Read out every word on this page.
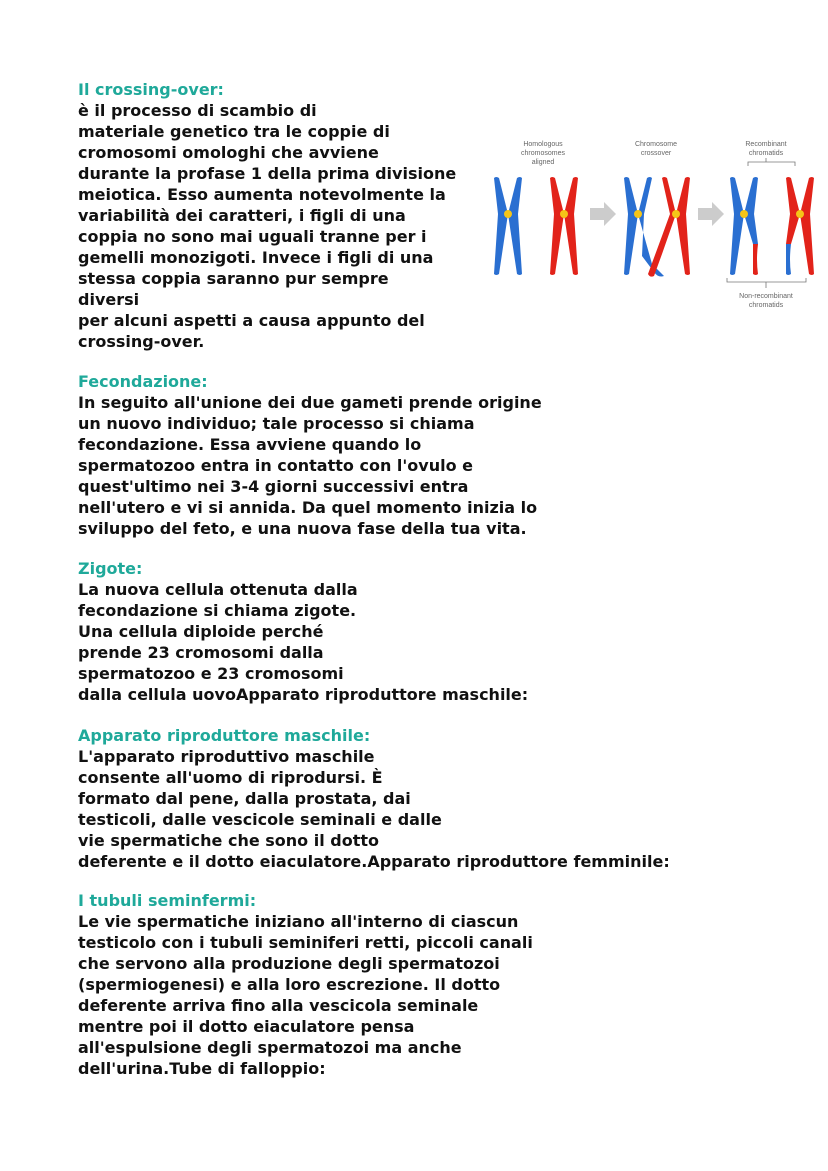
Il crossing-over:

è il processo di scambio di

materiale genetico tra le coppie di

cromosomi omologhi che avviene

durante la profase 1 della prima divisione

meiotica. Esso aumenta notevolmente la

variabilità dei caratteri, i figli di una

coppia no sono mai uguali tranne per i

gemelli monozigoti. Invece i figli di una

stessa coppia saranno pur sempre

diversi

per alcuni aspetti a causa appunto del

crossing-over.

Homologous
chromosomes
aligned
Chromosome
crossover
Recombinant
chromatids
Non-recombinant
chromatids

Fecondazione:

In seguito all'unione dei due gameti prende origine

un nuovo individuo; tale processo si chiama

fecondazione. Essa avviene quando lo

spermatozoo entra in contatto con l'ovulo e

quest'ultimo nei 3-4 giorni successivi entra

nell'utero e vi si annida. Da quel momento inizia lo

sviluppo del feto, e una nuova fase della tua vita.

Zigote:

La nuova cellula ottenuta dalla

fecondazione si chiama zigote.

Una cellula diploide perché

prende 23 cromosomi dalla

spermatozoo e 23 cromosomi

dalla cellula uovoApparato riproduttore maschile:

Apparato riproduttore maschile:

L'apparato riproduttivo maschile

consente all'uomo di riprodursi. È

formato dal pene, dalla prostata, dai

testicoli, dalle vescicole seminali e dalle

vie spermatiche che sono il dotto

deferente e il dotto eiaculatore.Apparato riproduttore femminile:

I tubuli seminfermi:

Le vie spermatiche iniziano all'interno di ciascun

testicolo con i tubuli seminiferi retti, piccoli canali

che servono alla produzione degli spermatozoi

(spermiogenesi) e alla loro escrezione. Il dotto

deferente arriva fino alla vescicola seminale

mentre poi il dotto eiaculatore pensa

all'espulsione degli spermatozoi ma anche

dell'urina.Tube di falloppio:
